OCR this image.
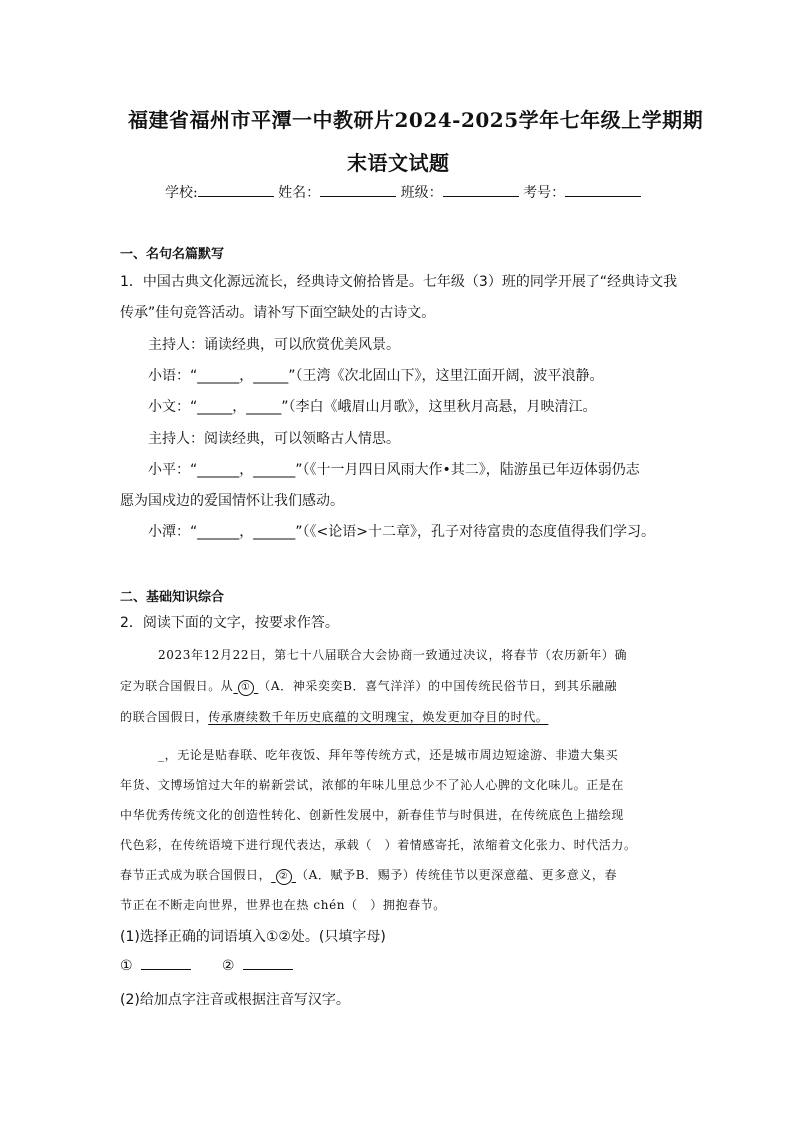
福建省福州市平潭一中教研片2024-2025学年七年级上学期期
末语文试题
学校:	姓名：	班级：	考号：
一、名句名篇默写
1．中国古典文化源远流长，经典诗文俯拾皆是。七年级（3）班的同学开展了“经典诗文我
传承”佳句竞答活动。请补写下面空缺处的古诗文。
主持人：诵读经典，可以欣赏优美风景。
小语：“______，_____”（王湾《次北固山下》，这里江面开阔，波平浪静。
小文：“_____，_____”（李白《峨眉山月歌》，这里秋月高悬，月映清江。
主持人：阅读经典，可以领略古人情思。
小平：“______，______”（《十一月四日风雨大作•其二》，陆游虽已年迈体弱仍志
愿为国戍边的爱国情怀让我们感动。
小潭：“______，______”（《<论语>十二章》，孔子对待富贵的态度值得我们学习。
二、基础知识综合
2．阅读下面的文字，按要求作答。
2023年12月22日，第七十八届联合大会协商一致通过决议，将春节（农历新年）确
定为联合国假日。从 ① （A．神采奕奕B．喜气洋洋）的中国传统民俗节日，到其乐融融
的联合国假日，传承赓续数千年历史底蕴的文明瑰宝，焕发更加夺目的时代。
_，无论是贴春联、吃年夜饭、拜年等传统方式，还是城市周边短途游、非遗大集买
年货、文博场馆过大年的崭新尝试，浓郁的年味儿里总少不了沁人心脾的文化味儿。正是在
中华优秀传统文化的创造性转化、创新性发展中，新春佳节与时俱进，在传统底色上描绘现
代色彩，在传统语境下进行现代表达，承载（　）着情感寄托，浓缩着文化张力、时代活力。
春节正式成为联合国假日， ② （A．赋予B．赐予）传统佳节以更深意蕴、更多意义，春
节正在不断走向世界，世界也在热 chén（　）拥抱春节。
(1)选择正确的词语填入①②处。(只填字母)
①	②
(2)给加点字注音或根据注音写汉字。
